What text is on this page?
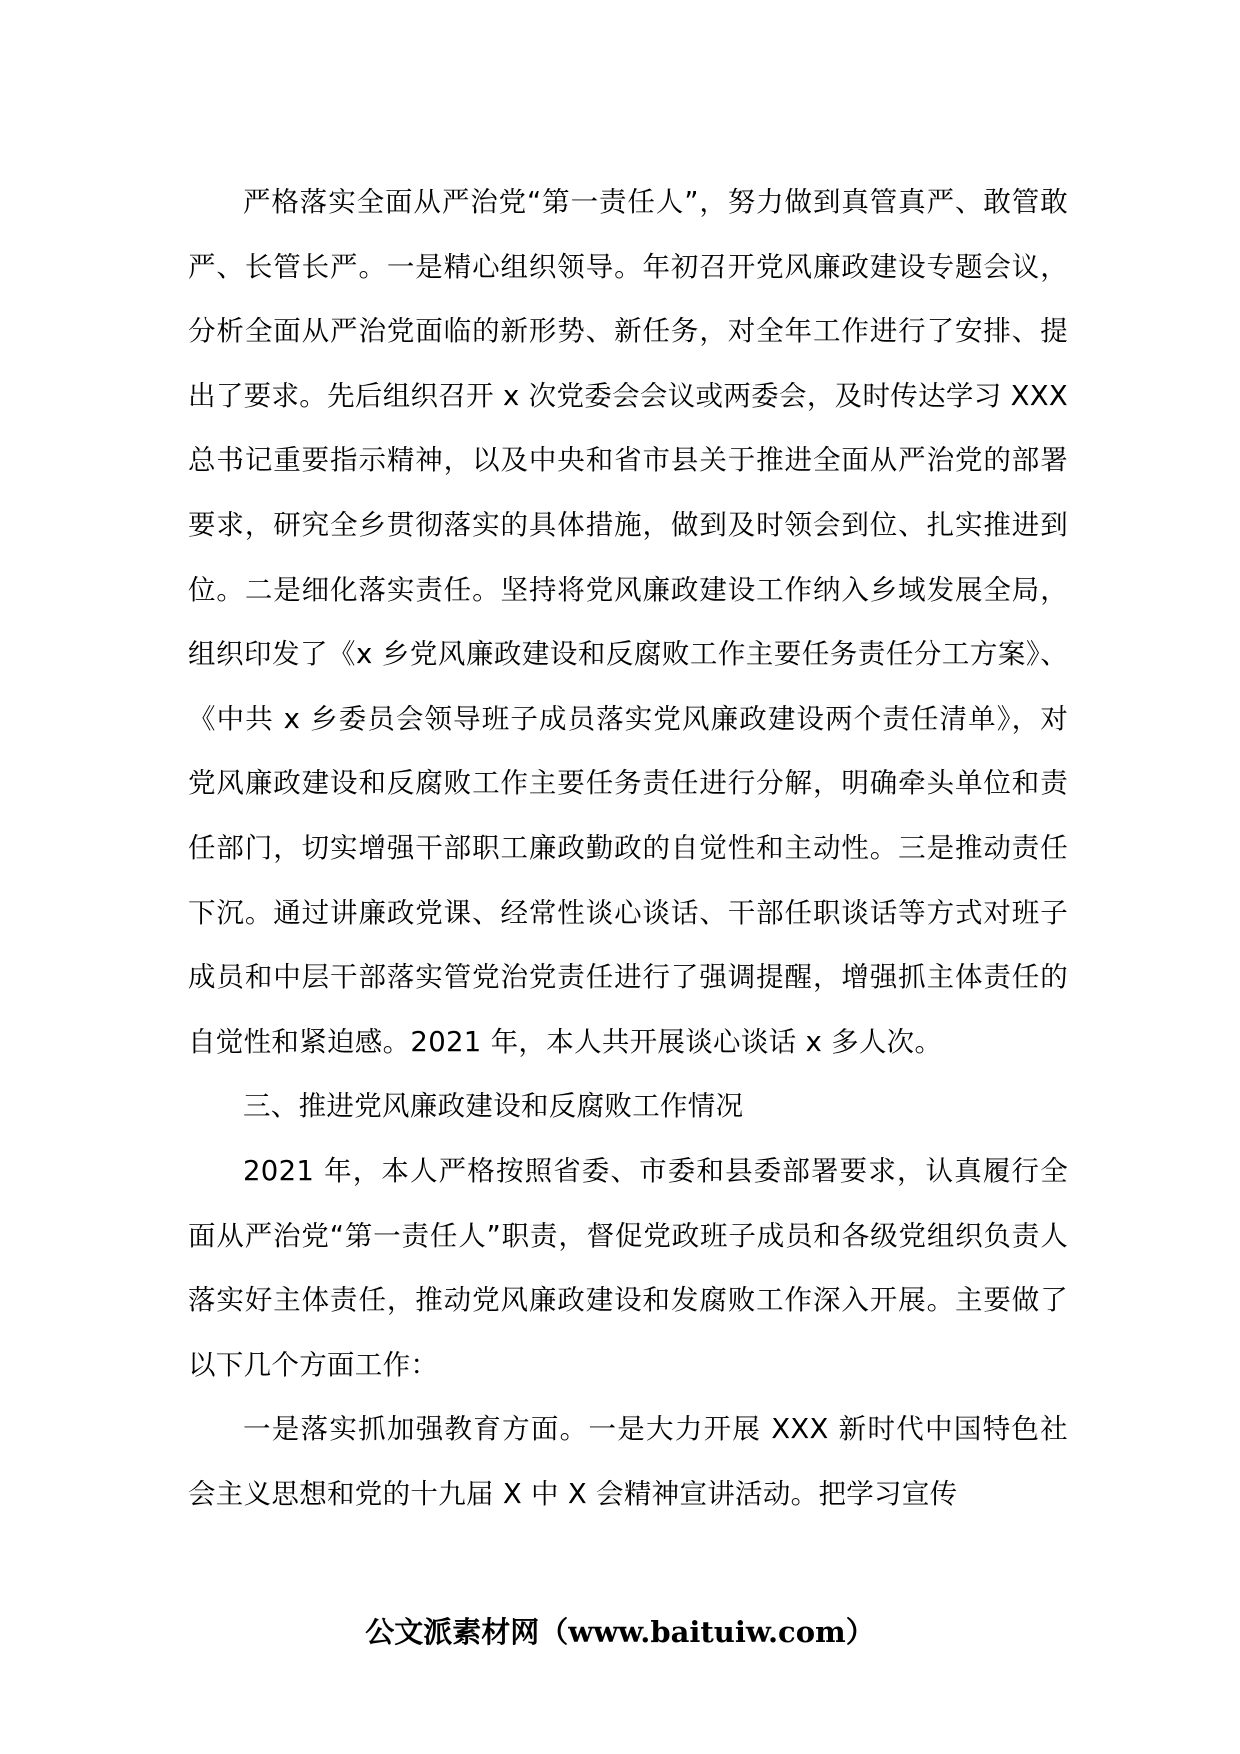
严格落实全面从严治党“第一责任人”，努力做到真管真严、敢管敢严、长管长严。一是精心组织领导。年初召开党风廉政建设专题会议，分析全面从严治党面临的新形势、新任务，对全年工作进行了安排、提出了要求。先后组织召开 x 次党委会会议或两委会，及时传达学习 XXX 总书记重要指示精神，以及中央和省市县关于推进全面从严治党的部署要求，研究全乡贯彻落实的具体措施，做到及时领会到位、扎实推进到位。二是细化落实责任。坚持将党风廉政建设工作纳入乡域发展全局，组织印发了《x 乡党风廉政建设和反腐败工作主要任务责任分工方案》、《中共 x 乡委员会领导班子成员落实党风廉政建设两个责任清单》，对党风廉政建设和反腐败工作主要任务责任进行分解，明确牵头单位和责任部门，切实增强干部职工廉政勤政的自觉性和主动性。三是推动责任下沉。通过讲廉政党课、经常性谈心谈话、干部任职谈话等方式对班子成员和中层干部落实管党治党责任进行了强调提醒，增强抓主体责任的自觉性和紧迫感。2021 年，本人共开展谈心谈话 x 多人次。

三、推进党风廉政建设和反腐败工作情况

2021 年，本人严格按照省委、市委和县委部署要求，认真履行全面从严治党“第一责任人”职责，督促党政班子成员和各级党组织负责人落实好主体责任，推动党风廉政建设和发腐败工作深入开展。主要做了以下几个方面工作：

一是落实抓加强教育方面。一是大力开展 XXX 新时代中国特色社会主义思想和党的十九届 X 中 X 会精神宣讲活动。把学习宣传

公文派素材网（www.baituiw.com）
